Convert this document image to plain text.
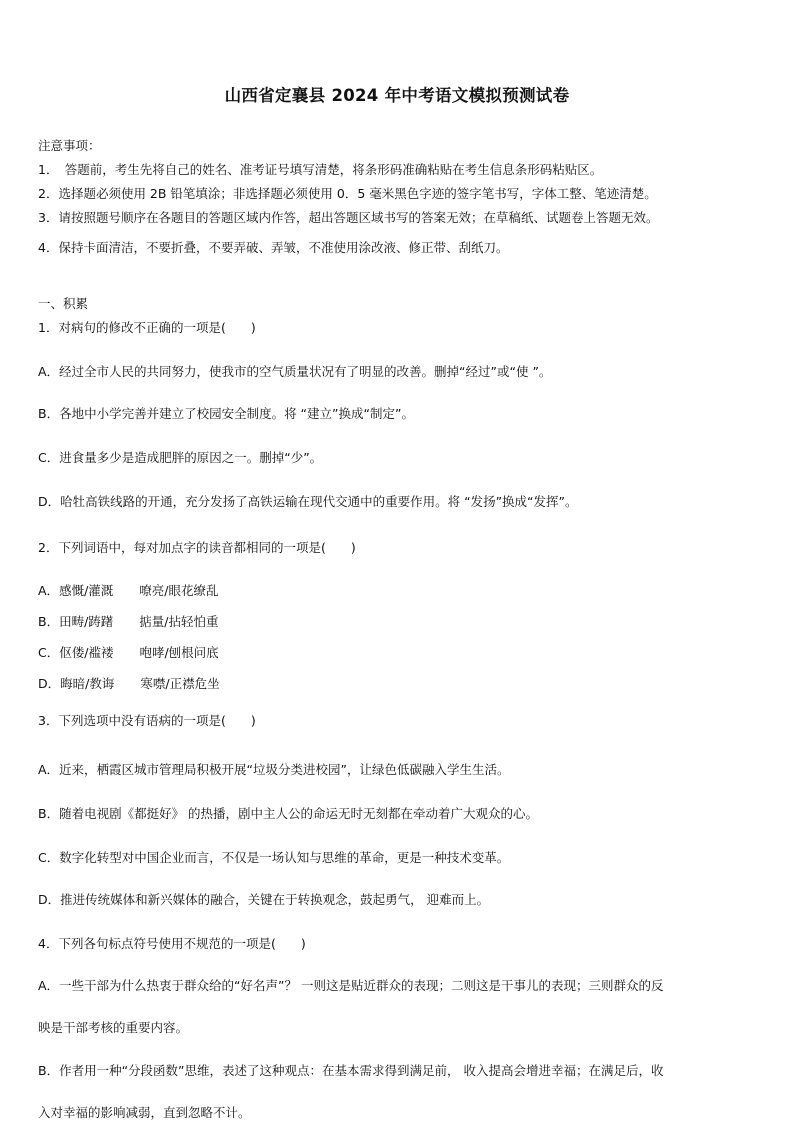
山西省定襄县 2024 年中考语文模拟预测试卷
注意事项：
1．　答题前，考生先将自己的姓名、准考证号填写清楚，将条形码准确粘贴在考生信息条形码粘贴区。
2．选择题必须使用 2B 铅笔填涂；非选择题必须使用 0．5 毫米黑色字迹的签字笔书写，字体工整、笔迹清楚。
3．请按照题号顺序在各题目的答题区域内作答，超出答题区域书写的答案无效；在草稿纸、试题卷上答题无效。
4．保持卡面清洁，不要折叠，不要弄破、弄皱，不准使用涂改液、修正带、刮纸刀。
一、积累
1．对病句的修改不正确的一项是(　　)
A．经过全市人民的共同努力，使我市的空气质量状况有了明显的改善。删掉“经过”或“使 ”。
B．各地中小学完善并建立了校园安全制度。将 “建立”换成“制定”。
C．进食量多少是造成肥胖的原因之一。删掉“少”。
D．哈牡高铁线路的开通，充分发扬了高铁运输在现代交通中的重要作用。将 “发扬”换成“发挥”。
2．下列词语中，每对加点字的读音都相同的一项是(　　)
A．感慨/灌溉 嘹亮/眼花缭乱
B．田畴/踌躇 掂量/拈轻怕重
C．伛偻/褴褛 咆哮/刨根问底
D．晦暗/教诲 寒噤/正襟危坐
3．下列选项中没有语病的一项是(　　)
A．近来，栖霞区城市管理局积极开展“垃圾分类进校园”，让绿色低碳融入学生生活。
B．随着电视剧《都挺好》 的热播，剧中主人公的命运无时无刻都在牵动着广大观众的心。
C．数字化转型对中国企业而言，不仅是一场认知与思维的革命，更是一种技术变革。
D．推进传统媒体和新兴媒体的融合，关键在于转换观念，鼓起勇气， 迎难而上。
4．下列各句标点符号使用不规范的一项是(　　)
A．一些干部为什么热衷于群众给的“好名声”？ 一则这是贴近群众的表现；二则这是干事儿的表现；三则群众的反
映是干部考核的重要内容。
B．作者用一种“分段函数”思维，表述了这种观点：在基本需求得到满足前， 收入提高会增进幸福；在满足后，收
入对幸福的影响减弱，直到忽略不计。
